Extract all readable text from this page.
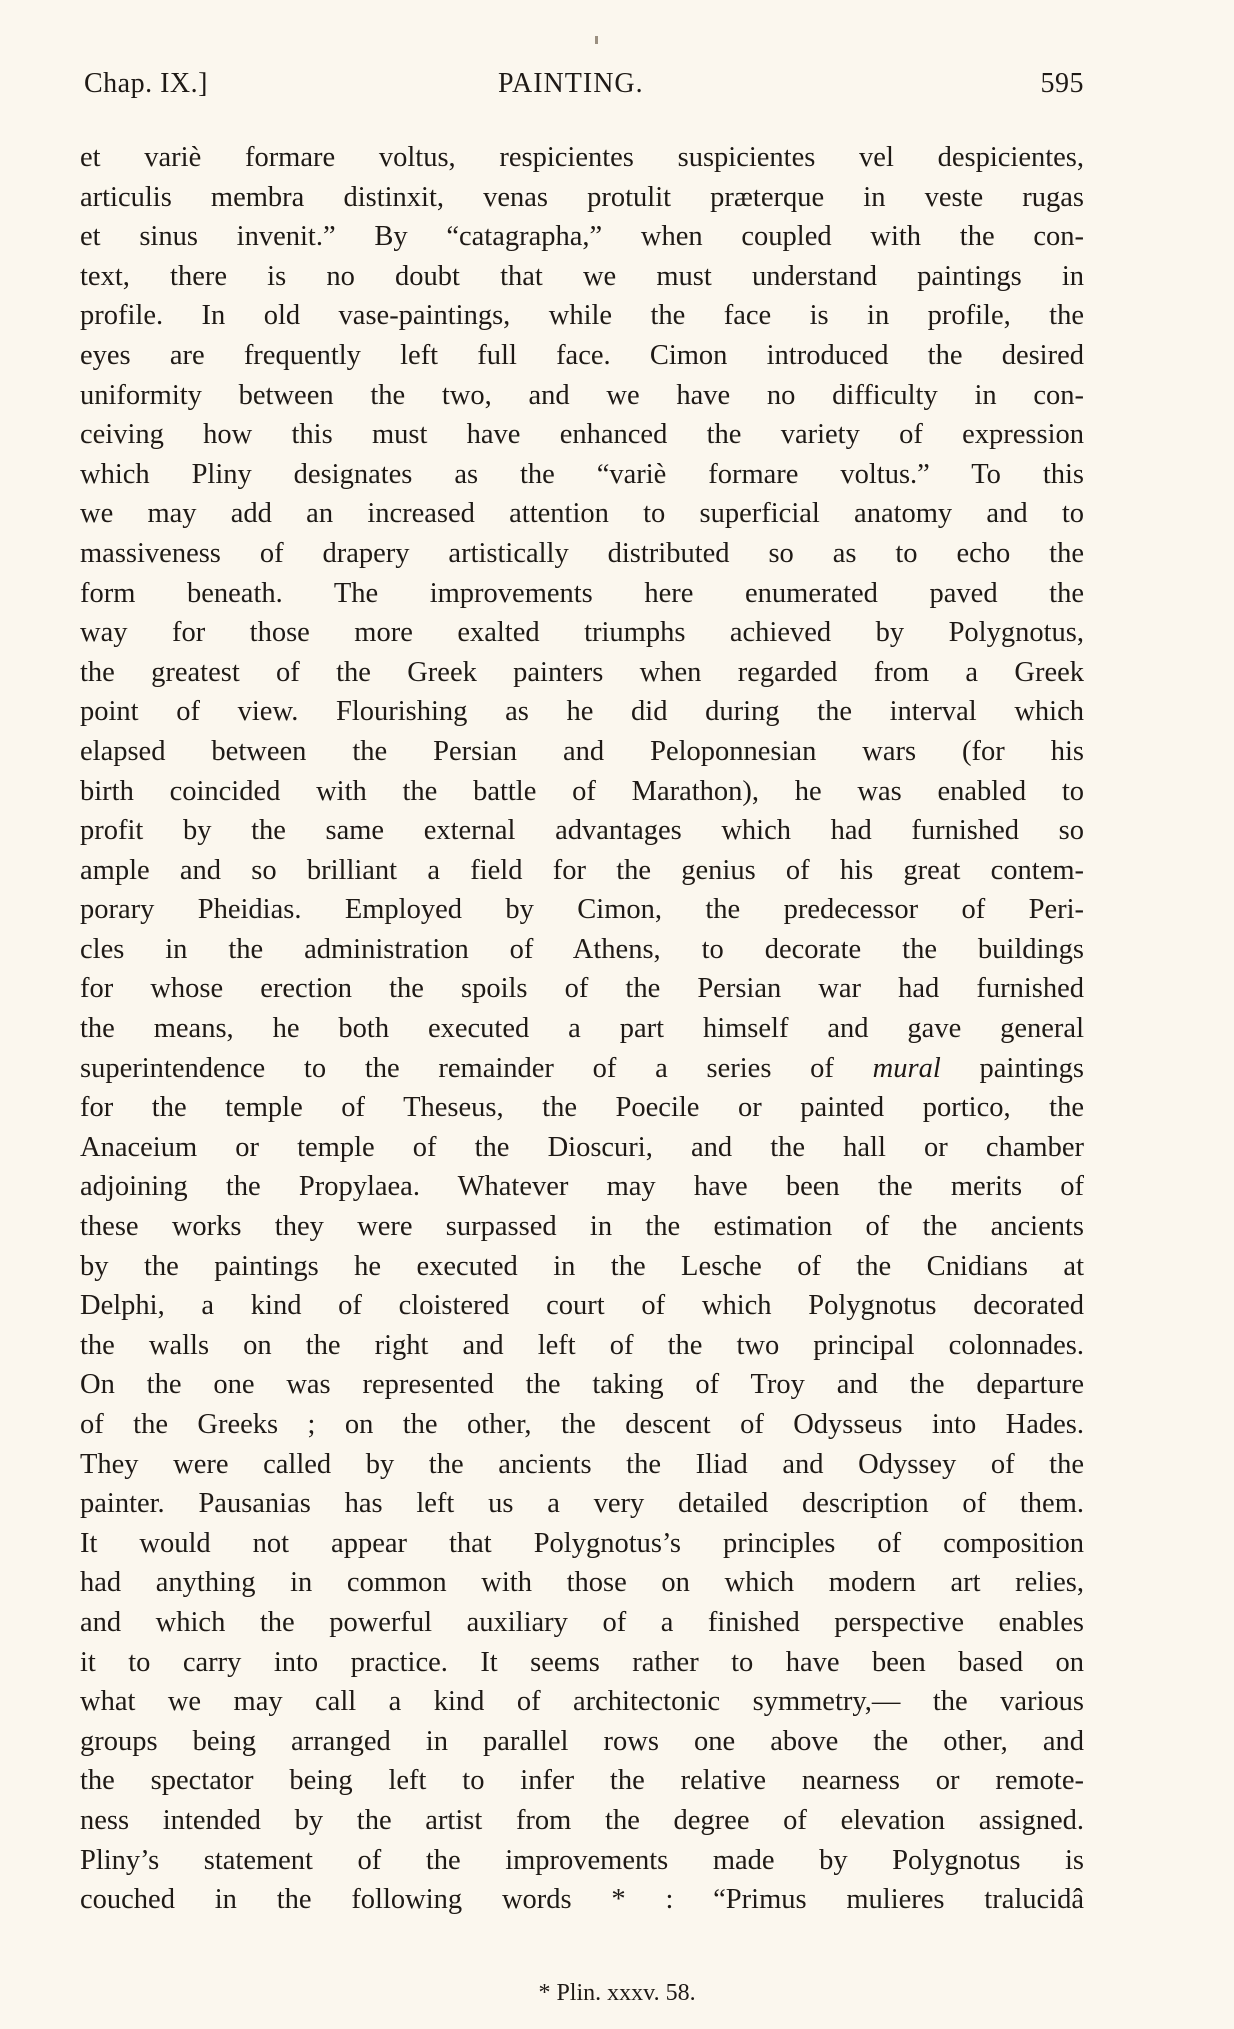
Chap. IX.]	PAINTING.	595
et variè formare voltus, respicientes suspicientes vel despicientes,
articulis membra distinxit, venas protulit præterque in veste rugas
et sinus invenit.” By “catagrapha,” when coupled with the con-
text, there is no doubt that we must understand paintings in
profile. In old vase-paintings, while the face is in profile, the
eyes are frequently left full face. Cimon introduced the desired
uniformity between the two, and we have no difficulty in con-
ceiving how this must have enhanced the variety of expression
which Pliny designates as the “variè formare voltus.” To this
we may add an increased attention to superficial anatomy and to
massiveness of drapery artistically distributed so as to echo the
form beneath. The improvements here enumerated paved the
way for those more exalted triumphs achieved by Polygnotus,
the greatest of the Greek painters when regarded from a Greek
point of view. Flourishing as he did during the interval which
elapsed between the Persian and Peloponnesian wars (for his
birth coincided with the battle of Marathon), he was enabled to
profit by the same external advantages which had furnished so
ample and so brilliant a field for the genius of his great contem-
porary Pheidias. Employed by Cimon, the predecessor of Peri-
cles in the administration of Athens, to decorate the buildings
for whose erection the spoils of the Persian war had furnished
the means, he both executed a part himself and gave general
superintendence to the remainder of a series of mural paintings
for the temple of Theseus, the Poecile or painted portico, the
Anaceium or temple of the Dioscuri, and the hall or chamber
adjoining the Propylaea. Whatever may have been the merits of
these works they were surpassed in the estimation of the ancients
by the paintings he executed in the Lesche of the Cnidians at
Delphi, a kind of cloistered court of which Polygnotus decorated
the walls on the right and left of the two principal colonnades.
On the one was represented the taking of Troy and the departure
of the Greeks ; on the other, the descent of Odysseus into Hades.
They were called by the ancients the Iliad and Odyssey of the
painter. Pausanias has left us a very detailed description of them.
It would not appear that Polygnotus’s principles of composition
had anything in common with those on which modern art relies,
and which the powerful auxiliary of a finished perspective enables
it to carry into practice. It seems rather to have been based on
what we may call a kind of architectonic symmetry,— the various
groups being arranged in parallel rows one above the other, and
the spectator being left to infer the relative nearness or remote-
ness intended by the artist from the degree of elevation assigned.
Pliny’s statement of the improvements made by Polygnotus is
couched in the following words * : “Primus mulieres tralucidâ
* Plin. xxxv. 58.
